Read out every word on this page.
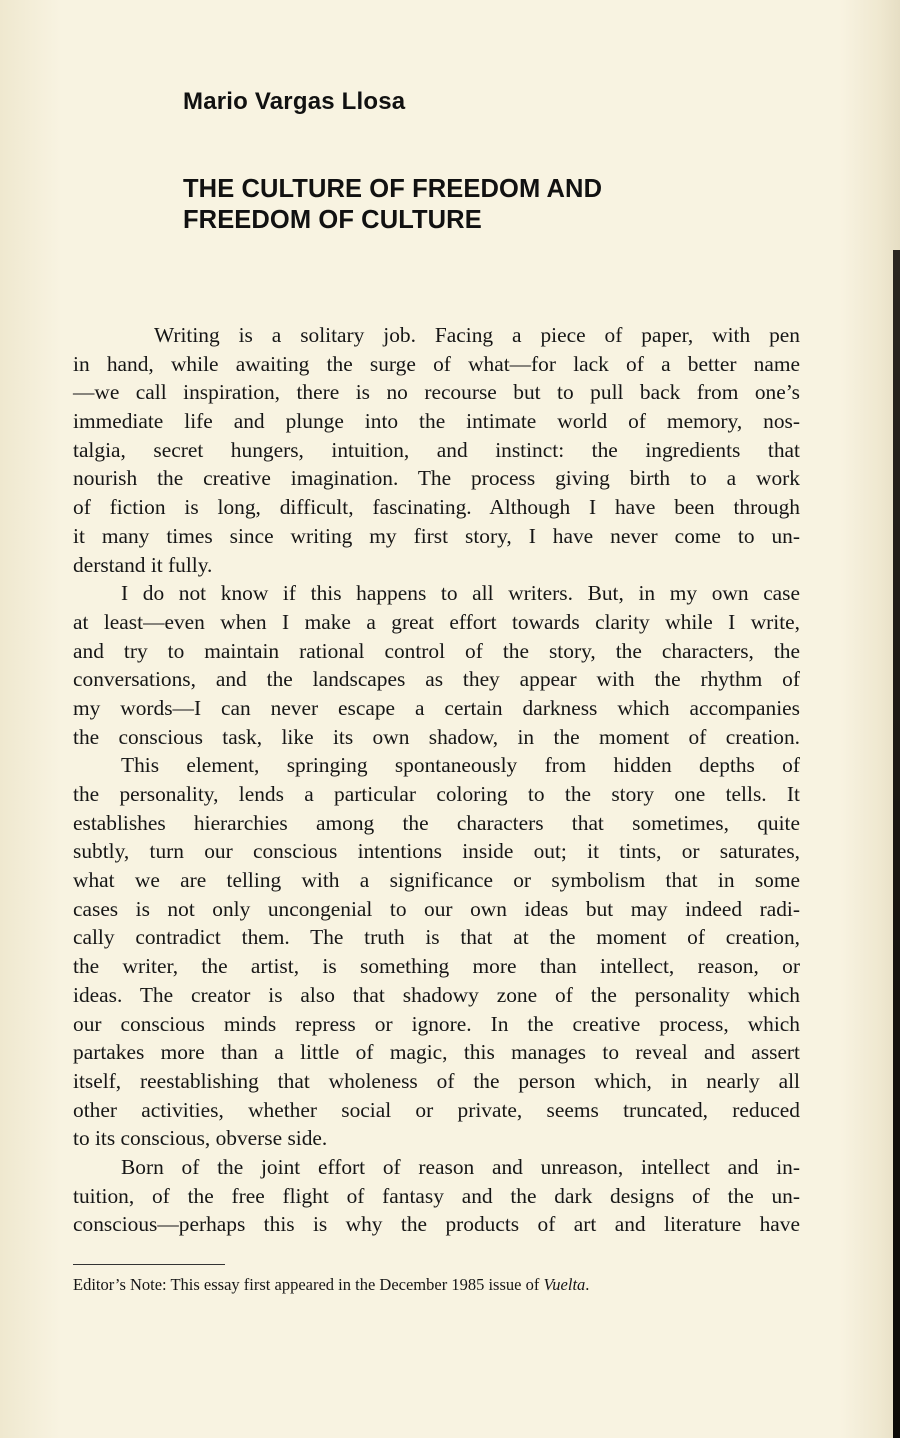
Mario Vargas Llosa
THE CULTURE OF FREEDOM AND
FREEDOM OF CULTURE
Writing is a solitary job. Facing a piece of paper, with pen
in hand, while awaiting the surge of what—for lack of a better name
—we call inspiration, there is no recourse but to pull back from one’s
immediate life and plunge into the intimate world of memory, nos-
talgia, secret hungers, intuition, and instinct: the ingredients that
nourish the creative imagination. The process giving birth to a work
of fiction is long, difficult, fascinating. Although I have been through
it many times since writing my first story, I have never come to un-
derstand it fully.
I do not know if this happens to all writers. But, in my own case
at least—even when I make a great effort towards clarity while I write,
and try to maintain rational control of the story, the characters, the
conversations, and the landscapes as they appear with the rhythm of
my words—I can never escape a certain darkness which accompanies
the conscious task, like its own shadow, in the moment of creation.
This element, springing spontaneously from hidden depths of
the personality, lends a particular coloring to the story one tells. It
establishes hierarchies among the characters that sometimes, quite
subtly, turn our conscious intentions inside out; it tints, or saturates,
what we are telling with a significance or symbolism that in some
cases is not only uncongenial to our own ideas but may indeed radi-
cally contradict them. The truth is that at the moment of creation,
the writer, the artist, is something more than intellect, reason, or
ideas. The creator is also that shadowy zone of the personality which
our conscious minds repress or ignore. In the creative process, which
partakes more than a little of magic, this manages to reveal and assert
itself, reestablishing that wholeness of the person which, in nearly all
other activities, whether social or private, seems truncated, reduced
to its conscious, obverse side.
Born of the joint effort of reason and unreason, intellect and in-
tuition, of the free flight of fantasy and the dark designs of the un-
conscious—perhaps this is why the products of art and literature have
Editor’s Note: This essay first appeared in the December 1985 issue of Vuelta.
